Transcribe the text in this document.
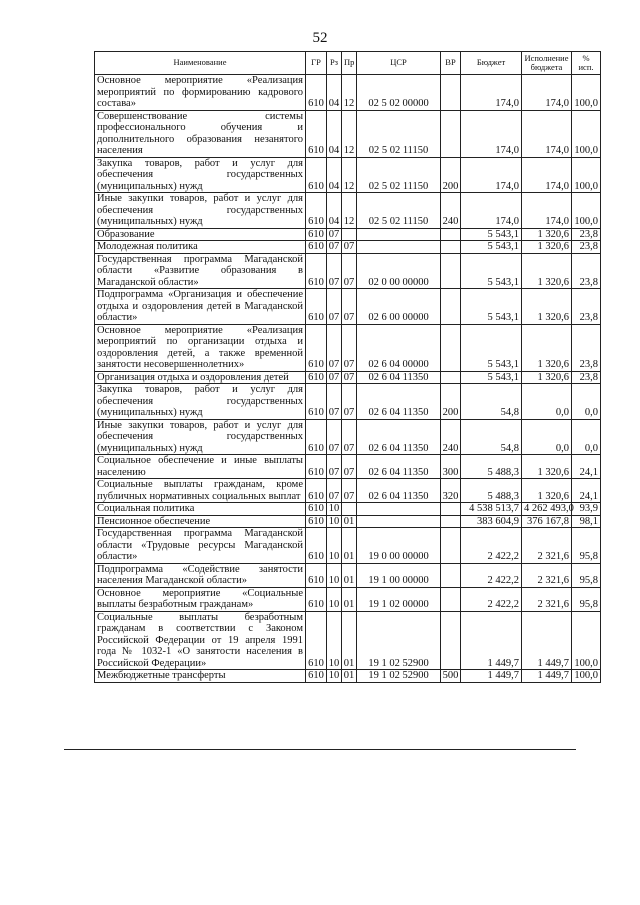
52
Наименование	ГР	Рз	Пр	ЦСР	ВР	Бюджет	Исполнение бюджета	% исп.
Основное мероприятие «Реализация мероприятий по формированию кадрового состава»	610	04	12	02 5 02 00000		174,0	174,0	100,0
Совершенствование системы профессионального обучения и дополнительного образования незанятого населения	610	04	12	02 5 02 11150		174,0	174,0	100,0
Закупка товаров, работ и услуг для обеспечения государственных (муниципальных) нужд	610	04	12	02 5 02 11150	200	174,0	174,0	100,0
Иные закупки товаров, работ и услуг для обеспечения государственных (муниципальных) нужд	610	04	12	02 5 02 11150	240	174,0	174,0	100,0
Образование	610	07				5 543,1	1 320,6	23,8
Молодежная политика	610	07	07			5 543,1	1 320,6	23,8
Государственная программа Магаданской области «Развитие образования в Магаданской области»	610	07	07	02 0 00 00000		5 543,1	1 320,6	23,8
Подпрограмма «Организация и обеспечение отдыха и оздоровления детей в Магаданской области»	610	07	07	02 6 00 00000		5 543,1	1 320,6	23,8
Основное мероприятие «Реализация мероприятий по организации отдыха и оздоровления детей, а также временной занятости несовершеннолетних»	610	07	07	02 6 04 00000		5 543,1	1 320,6	23,8
Организация отдыха и оздоровления детей	610	07	07	02 6 04 11350		5 543,1	1 320,6	23,8
Закупка товаров, работ и услуг для обеспечения государственных (муниципальных) нужд	610	07	07	02 6 04 11350	200	54,8	0,0	0,0
Иные закупки товаров, работ и услуг для обеспечения государственных (муниципальных) нужд	610	07	07	02 6 04 11350	240	54,8	0,0	0,0
Социальное обеспечение и иные выплаты населению	610	07	07	02 6 04 11350	300	5 488,3	1 320,6	24,1
Социальные выплаты гражданам, кроме публичных нормативных социальных выплат	610	07	07	02 6 04 11350	320	5 488,3	1 320,6	24,1
Социальная политика	610	10				4 538 513,7	4 262 493,0	93,9
Пенсионное обеспечение	610	10	01			383 604,9	376 167,8	98,1
Государственная программа Магаданской области «Трудовые ресурсы Магаданской области»	610	10	01	19 0 00 00000		2 422,2	2 321,6	95,8
Подпрограмма «Содействие занятости населения Магаданской области»	610	10	01	19 1 00 00000		2 422,2	2 321,6	95,8
Основное мероприятие «Социальные выплаты безработным гражданам»	610	10	01	19 1 02 00000		2 422,2	2 321,6	95,8
Социальные выплаты безработным гражданам в соответствии с Законом Российской Федерации от 19 апреля 1991 года № 1032-1 «О занятости населения в Российской Федерации»	610	10	01	19 1 02 52900		1 449,7	1 449,7	100,0
Межбюджетные трансферты	610	10	01	19 1 02 52900	500	1 449,7	1 449,7	100,0
